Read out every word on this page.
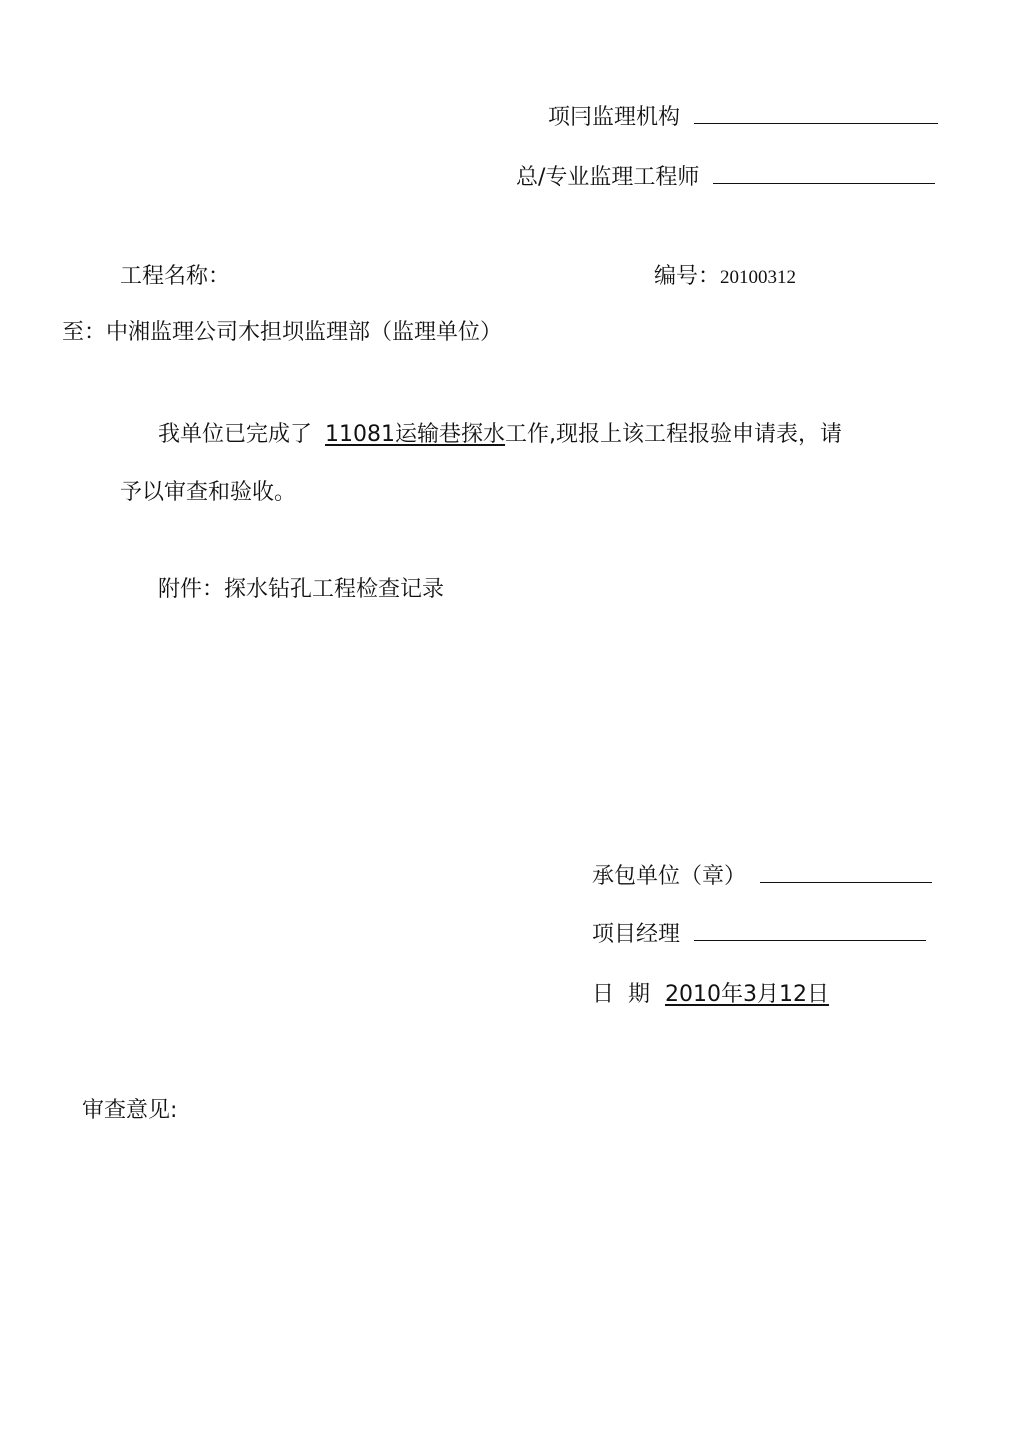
项冃监理机构
总/专业监理工程师
工程名称：	编号：20100312
至：中湘监理公司木担坝监理部（监理单位）
我单位已完成了 11081运输巷探水工作,现报上该工程报验申请表，请
予以审查和验收。
附件：探水钻孔工程检查记录
承包单位（章）
项目经理
日  期 2010年3月12日
审查意见:
